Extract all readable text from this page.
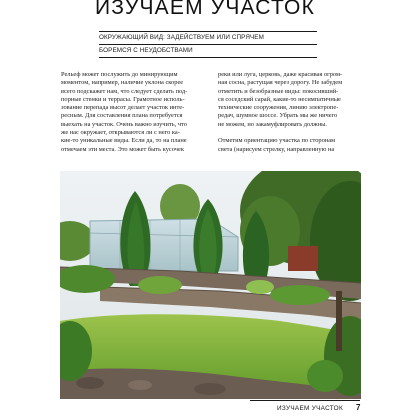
ИЗУЧАЕМ УЧАСТОК
ОКРУЖАЮЩИЙ ВИД: ЗАДЕЙСТВУЕМ ИЛИ СПРЯЧЕМ
БОРЕМСЯ С НЕУДОБСТВАМИ
Рельеф может послужить до минирующим
моментом, например, наличие уклона скорее
всего подскажет нам, что следует сделать под-
порные стенки и террасы. Грамотное исполь-
зование перепада высот делает участок инте-
ресным. Для составления плана потребуется
выехать на участок. Очень важно изучить, что
же нас окружает, открываются ли с него ка-
кие-то уникальные виды. Если да, то на плане
отмечаем эти места. Это может быть кусочек
реки или луга, церковь, даже красивая огром-
ная сосна, растущая через дорогу. Не забудем
отметить и безобразные виды: покосивший-
ся соседский сарай, какие-то несимпатичные
технические сооружения, линию электропе-
редач, шумное шоссе. Убрать мы же ничего
не можем, но закамуфлировать должны.
Отметим ориентацию участка по сторонам
света (нарисуем стрелку, направленную на
ИЗУЧАЕМ УЧАСТОК 7
